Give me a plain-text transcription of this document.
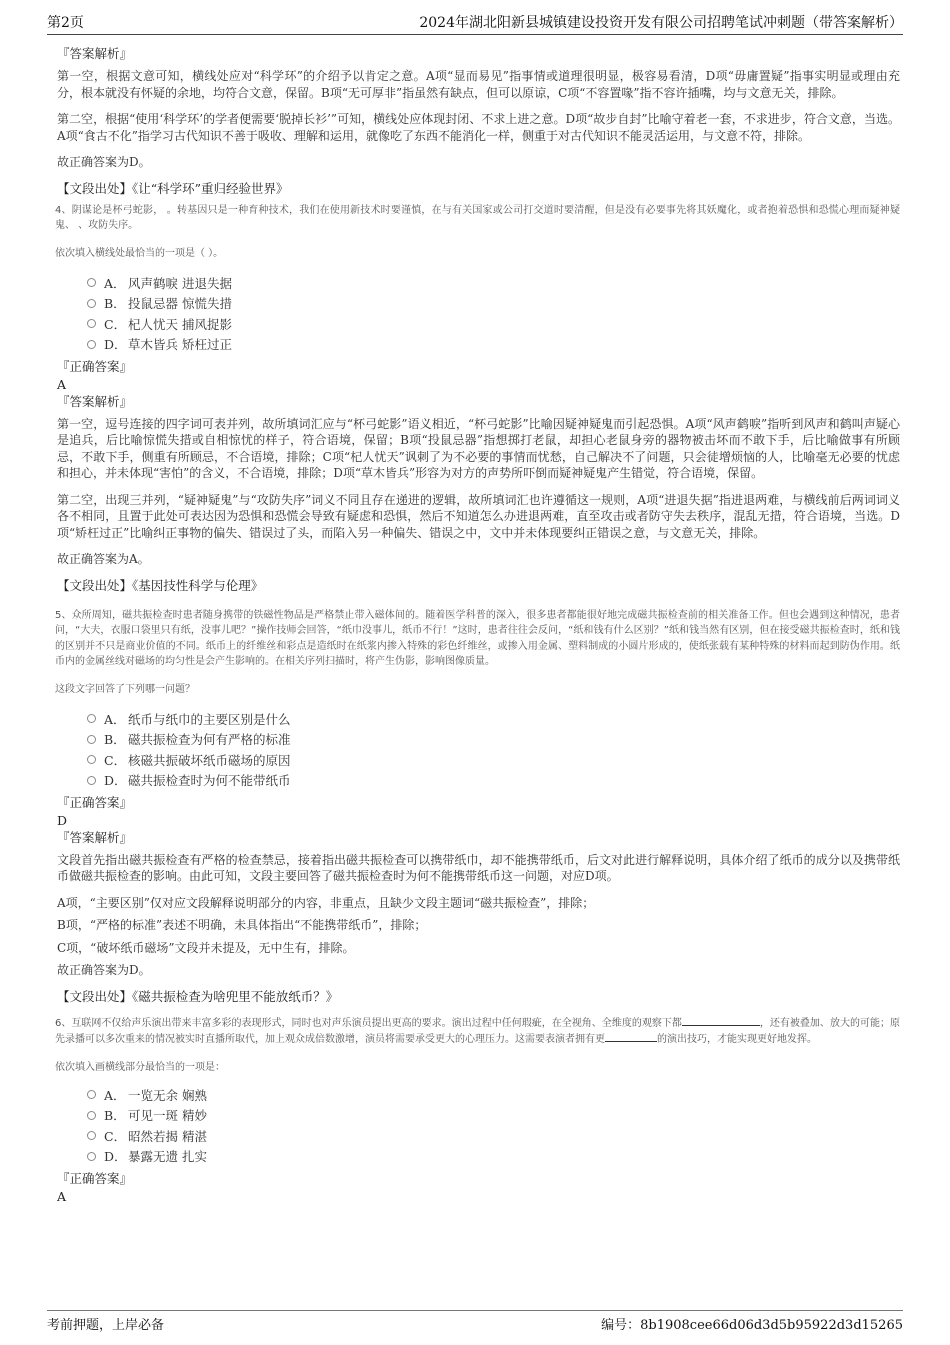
第2页	2024年湖北阳新县城镇建设投资开发有限公司招聘笔试冲刺题（带答案解析）
『答案解析』
第一空，根据文意可知，横线处应对“科学环”的介绍予以肯定之意。A项“显而易见”指事情或道理很明显，极容易看清，D项“毋庸置疑”指事实明显或理由充分，根本就没有怀疑的余地，均符合文意，保留。B项“无可厚非”指虽然有缺点，但可以原谅，C项“不容置喙”指不容许插嘴，均与文意无关，排除。
第二空，根据“使用‘科学环’的学者便需要‘脱掉长衫’”可知，横线处应体现封闭、不求上进之意。D项“故步自封”比喻守着老一套，不求进步，符合文意，当选。A项“食古不化”指学习古代知识不善于吸收、理解和运用，就像吃了东西不能消化一样，侧重于对古代知识不能灵活运用，与文意不符，排除。
故正确答案为D。
【文段出处】《让“科学环”重归经验世界》
4、阴谋论是杯弓蛇影， 。转基因只是一种育种技术，我们在使用新技术时要谨慎，在与有关国家或公司打交道时要清醒，但是没有必要事先将其妖魔化，或者抱着恐惧和恐慌心理而疑神疑鬼、 、攻防失序。
依次填入横线处最恰当的一项是（ ）。
A． 风声鹤唳 进退失据
B． 投鼠忌器 惊慌失措
C． 杞人忧天 捕风捉影
D． 草木皆兵 矫枉过正
『正确答案』
A
『答案解析』
第一空，逗号连接的四字词可表并列，故所填词汇应与“杯弓蛇影”语义相近，“杯弓蛇影”比喻因疑神疑鬼而引起恐惧。A项“风声鹤唳”指听到风声和鹤叫声疑心是追兵，后比喻惊慌失措或自相惊忧的样子，符合语境，保留；B项“投鼠忌器”指想掷打老鼠，却担心老鼠身旁的器物被击坏而不敢下手，后比喻做事有所顾忌，不敢下手，侧重有所顾忌，不合语境，排除；C项“杞人忧天”讽刺了为不必要的事情而忧愁，自己解决不了问题，只会徒增烦恼的人，比喻毫无必要的忧虑和担心，并未体现“害怕”的含义，不合语境，排除；D项“草木皆兵”形容为对方的声势所吓倒而疑神疑鬼产生错觉，符合语境，保留。
第二空，出现三并列，“疑神疑鬼”与“攻防失序”词义不同且存在递进的逻辑，故所填词汇也许遵循这一规则，A项“进退失据”指进退两难，与横线前后两词词义各不相同，且置于此处可表达因为恐惧和恐慌会导致有疑虑和恐惧，然后不知道怎么办进退两难，直至攻击或者防守失去秩序，混乱无措，符合语境，当选。D项“矫枉过正”比喻纠正事物的偏失、错误过了头，而陷入另一种偏失、错误之中，文中并未体现要纠正错误之意，与文意无关，排除。
故正确答案为A。
【文段出处】《基因技性科学与伦理》
5、众所周知，磁共振检查时患者随身携带的铁磁性物品是严格禁止带入磁体间的。随着医学科普的深入，很多患者都能很好地完成磁共振检查前的相关准备工作。但也会遇到这种情况，患者问，“大夫，衣服口袋里只有纸，没事儿吧？”操作技师会回答，“纸巾没事儿，纸币不行！”这时，患者往往会反问，“纸和钱有什么区别？”纸和钱当然有区别，但在接受磁共振检查时，纸和钱的区别并不只是商业价值的不同。纸币上的纤维丝和彩点是造纸时在纸浆内掺入特殊的彩色纤维丝，或掺入用金属、塑料制成的小圆片形成的，使纸张载有某种特殊的材料而起到防伪作用。纸币内的金属丝线对磁场的均匀性是会产生影响的。在相关序列扫描时，将产生伪影，影响图像质量。
这段文字回答了下列哪一问题？
A． 纸币与纸巾的主要区别是什么
B． 磁共振检查为何有严格的标准
C． 核磁共振破坏纸币磁场的原因
D． 磁共振检查时为何不能带纸币
『正确答案』
D
『答案解析』
文段首先指出磁共振检查有严格的检查禁忌，接着指出磁共振检查可以携带纸巾，却不能携带纸币，后文对此进行解释说明，具体介绍了纸币的成分以及携带纸币做磁共振检查的影响。由此可知，文段主要回答了磁共振检查时为何不能携带纸币这一问题，对应D项。
A项，“主要区别”仅对应文段解释说明部分的内容，非重点，且缺少文段主题词“磁共振检查”，排除；
B项，“严格的标准”表述不明确，未具体指出“不能携带纸币”，排除；
C项，“破坏纸币磁场”文段并未提及，无中生有，排除。
故正确答案为D。
【文段出处】《磁共振检查为啥兜里不能放纸币？》
6、互联网不仅给声乐演出带来丰富多彩的表现形式，同时也对声乐演员提出更高的要求。演出过程中任何瑕疵，在全视角、全维度的观察下都	，还有被叠加、放大的可能；原先录播可以多次重来的情况被实时直播所取代，加上观众成倍数激增，演员将需要承受更大的心理压力。这需要表演者拥有更	的演出技巧，才能实现更好地发挥。
依次填入画横线部分最恰当的一项是：
A． 一览无余 娴熟
B． 可见一斑 精妙
C． 昭然若揭 精湛
D． 暴露无遗 扎实
『正确答案』
A
考前押题，上岸必备	编号：8b1908cee66d06d3d5b95922d3d15265
